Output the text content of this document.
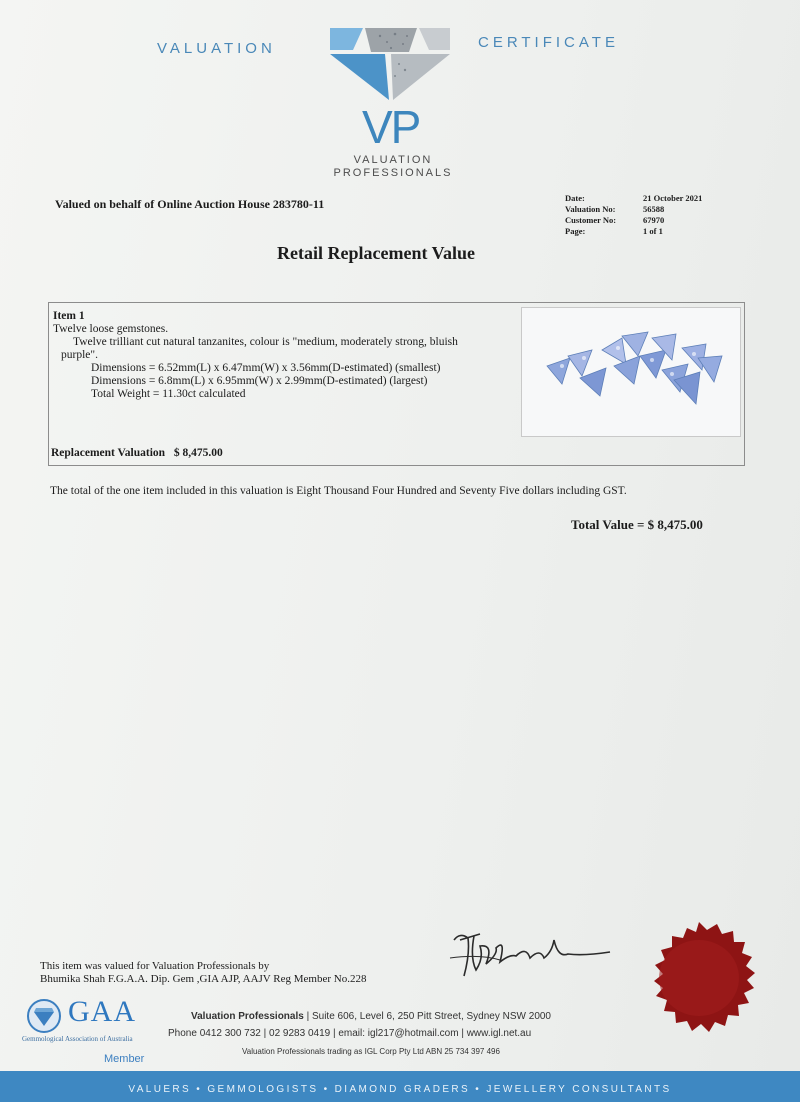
VALUATION	CERTIFICATE
VP
VALUATION
PROFESSIONALS
Valued on behalf of Online Auction House 283780-11	Date:	21 October 2021
Valuation No:	56588
Customer No:	67970
Page:	1 of 1
Retail Replacement Value
Item 1
Twelve loose gemstones.
Twelve trilliant cut natural tanzanites, colour is "medium, moderately strong, bluish
purple".
Dimensions = 6.52mm(L) x 6.47mm(W) x 3.56mm(D-estimated) (smallest)
Dimensions = 6.8mm(L) x 6.95mm(W) x 2.99mm(D-estimated) (largest)
Total Weight = 11.30ct calculated
Replacement Valuation $ 8,475.00
The total of the one item included in this valuation is Eight Thousand Four Hundred and Seventy Five dollars including GST.
Total Value = $ 8,475.00
This item was valued for Valuation Professionals by
Bhumika Shah F.G.A.A. Dip. Gem ,GIA AJP, AAJV Reg Member No.228
GAA
Gemmological Association of Australia
Member
Valuation Professionals | Suite 606, Level 6, 250 Pitt Street, Sydney NSW 2000
Phone 0412 300 732 | 02 9283 0419 | email: igl217@hotmail.com | www.igl.net.au
Valuation Professionals trading as IGL Corp Pty Ltd ABN 25 734 397 496
VALUERS • GEMMOLOGISTS • DIAMOND GRADERS • JEWELLERY CONSULTANTS
